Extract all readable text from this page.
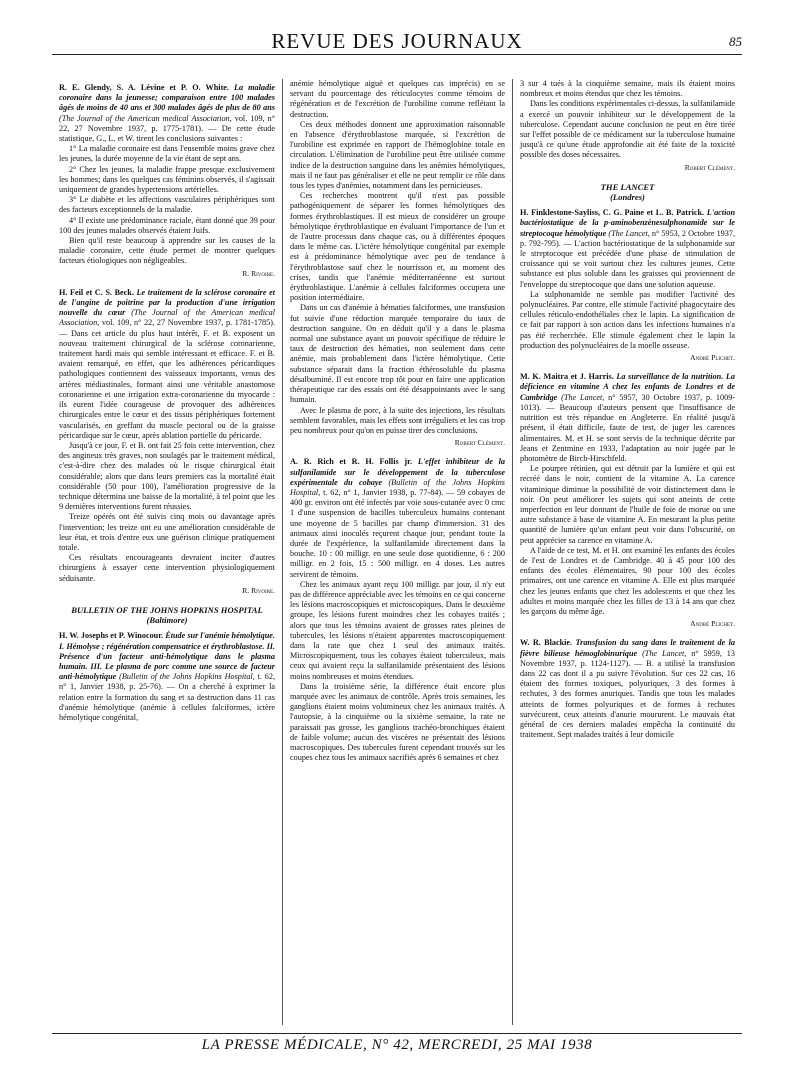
REVUE DES JOURNAUX	85

R. E. Glendy, S. A. Lévine et P. O. White. La maladie coronaire dans la jeunesse; comparaison entre 100 malades âgés de moins de 40 ans et 300 malades âgés de plus de 80 ans (The Journal of the American medical Association, vol. 109, n° 22, 27 Novembre 1937, p. 1775-1781). — De cette étude statistique, G., L. et W. tirent les conclusions suivantes :

1° La maladie coronaire est dans l'ensemble moins grave chez les jeunes, la durée moyenne de la vie étant de sept ans.

2° Chez les jeunes, la maladie frappe presque exclusivement les hommes; dans les quelques cas féminins observés, il s'agissait uniquement de grandes hypertensions artérielles.

3° Le diabète et les affections vasculaires périphériques sont des facteurs exceptionnels de la maladie.

4° Il existe une prédominance raciale, étant donné que 39 pour 100 des jeunes malades observés étaient Juifs.

Bien qu'il reste beaucoup à apprendre sur les causes de la maladie coronaire, cette étude permet de montrer quelques facteurs étiologiques non négligeables.

R. Rivoire.

H. Feil et C. S. Beck. Le traitement de la sclérose coronaire et de l'angine de poitrine par la production d'une irrigation nouvelle du cœur (The Journal of the American medical Association, vol. 109, n° 22, 27 Novembre 1937, p. 1781-1785). — Dans cet article du plus haut intérêt, F. et B. exposent un nouveau traitement chirurgical de la sclérose coronarienne, traitement hardi mais qui semble intéressant et efficace. F. et B. avaient remarqué, en effet, que les adhérences péricardiques pathologiques contiennent des vaisseaux importants, venus des artères médiastinales, formant ainsi une véritable anastomose coronarienne et une irrigation extra-coronarienne du myocarde : ils eurent l'idée courageuse de provoquer des adhérences chirurgicales entre le cœur et des tissus périphériques fortement vascularisés, en greffant du muscle pectoral ou de la graisse péricardique sur le cœur, après ablation partielle du péricarde.

Jusqu'à ce jour, F. et B. ont fait 25 fois cette intervention, chez des angineux très graves, non soulagés par le traitement médical, c'est-à-dire chez des malades où le risque chirurgical était considérable; alors que dans leurs premiers cas la mortalité était considérable (50 pour 100), l'amélioration progressive de la technique détermina une baisse de la mortalité, à tel point que les 9 dernières interventions furent réussies.

Treize opérés ont été suivis cinq mois ou davantage après l'intervention; les treize ont eu une amélioration considérable de leur état, et trois d'entre eux une guérison clinique pratiquement totale.

Ces résultats encourageants devraient inciter d'autres chirurgiens à essayer cette intervention physiologiquement séduisante.

R. Rivoire.

BULLETIN OF THE JOHNS HOPKINS HOSPITAL

(Baltimore)

H. W. Josephs et P. Winocour. Étude sur l'anémie hémolytique. I. Hémolyse ; régénération compensatrice et érythroblastose. II. Présence d'un facteur anti-hémolytique dans le plasma humain. III. Le plasma de porc comme une source de facteur anti-hémolytique (Bulletin of the Johns Hopkins Hospital, t. 62, n° 1, Janvier 1938, p. 25-76). — On a cherché à exprimer la relation entre la formation du sang et sa destruction dans 11 cas d'anémie hémolytique (anémie à cellules falciformes, ictère hémolytique congénital,

anémie hémolytique aiguë et quelques cas imprécis) en se servant du pourcentage des réticulocytes comme témoins de régénération et de l'excrétion de l'urobiline comme reflétant la destruction.

Ces deux méthodes donnent une approximation raisonnable en l'absence d'érythroblastose marquée, si l'excrétion de l'urobiline est exprimée en rapport de l'hémoglobine totale en circulation. L'élimination de l'urobiline peut être utilisée comme indice de la destruction sanguine dans les anémies hémolytiques, mais il ne faut pas généraliser et elle ne peut remplir ce rôle dans tous les types d'anémies, notamment dans les pernicieuses.

Ces recherches montrent qu'il n'est pas possible pathogéniquement de séparer les formes hémolytiques des formes érythroblastiques. Il est mieux de considérer un groupe hémolytique érythroblastique en évaluant l'importance de l'un et de l'autre processus dans chaque cas, ou à différentes époques dans le même cas. L'ictère hémolytique congénital par exemple est à prédominance hémolytique avec peu de tendance à l'érythroblastose sauf chez le nourrisson et, au moment des crises, tandis que l'anémie méditerranéenne est surtout érythroblastique. L'anémie à cellules falciformes occupera une position intermédiaire.

Dans un cas d'anémie à hématies falciformes, une transfusion fut suivie d'une réduction marquée temporaire du taux de destruction sanguine. On en déduit qu'il y a dans le plasma normal une substance ayant un pouvoir spécifique de réduire le taux de destruction des hématies, non seulement dans cette anémie, mais probablement dans l'ictère hémolytique. Cette substance séparait dans la fraction éthérosoluble du plasma désalbuminé. Il est encore trop tôt pour en faire une application thérapeutique car des essais ont été désappointants avec le sang humain.

Avec le plasma de porc, à la suite des injections, les résultats semblent favorables, mais les effets sont irréguliers et les cas trop peu nombreux pour qu'on en puisse tirer des conclusions.

Robert Clément.

A. R. Rich et R. H. Follis jr. L'effet inhibiteur de la sulfanilamide sur le développement de la tuberculose expérimentale du cobaye (Bulletin of the Johns Hopkins Hospital, t. 62, n° 1, Janvier 1938, p. 77-84). — 59 cobayes de 400 gr. environ ont été infectés par voie sous-cutanée avec 0 cmc 1 d'une suspension de bacilles tuberculeux humains contenant une moyenne de 5 bacilles par champ d'immersion. 31 des animaux ainsi inoculés reçurent chaque jour, pendant toute la durée de l'expérience, la sulfanilamide directement dans la bouche. 10 : 00 milligr. en une seule dose quotidienne, 6 : 200 milligr. en 2 fois, 15 : 500 milligr. en 4 doses. Les autres servirent de témoins.

Chez les animaux ayant reçu 100 milligr. par jour, il n'y eut pas de différence appréciable avec les témoins en ce qui concerne les lésions macroscopiques et microscopiques. Dans le deuxième groupe, les lésions furent moindres chez les cobayes traités ; alors que tous les témoins avaient de grosses rates pleines de tubercules, les lésions n'étaient apparentes macroscopiquement dans la rate que chez 1 seul des animaux traités. Microscopiquement, tous les cobayes étaient tuberculeux, mais ceux qui avaient reçu la sulfanilamide présentaient des lésions moins nombreuses et moins étendues.

Dans la troisième série, la différence était encore plus marquée avec les animaux de contrôle. Après trois semaines, les ganglions étaient moins volumineux chez les animaux traités. A l'autopsie, à la cinquième ou la sixième semaine, la rate ne paraissait pas grosse, les ganglions trachéo-bronchiques étaient de faible volume; aucun des viscères ne présentait des lésions macroscopiques. Des tubercules furent cependant trouvés sur les coupes chez tous les animaux sacrifiés après 6 semaines et chez

3 sur 4 tués à la cinquième semaine, mais ils étaient moins nombreux et moins étendus que chez les témoins.

Dans les conditions expérimentales ci-dessus, la sulfanilamide a exercé un pouvoir inhibiteur sur le développement de la tuberculose. Cependant aucune conclusion ne peut en être tirée sur l'effet possible de ce médicament sur la tuberculose humaine jusqu'à ce qu'une étude approfondie ait été faite de la toxicité possible des doses nécessaires.

Robert Clément.

THE LANCET

(Londres)

H. Finklestone-Sayliss, C. G. Paine et L. B. Patrick. L'action bactériostatique de la p-aminobenzènesulphonamide sur le streptocoque hémolytique (The Lancet, n° 5953, 2 Octobre 1937, p. 792-795). — L'action bactériostatique de la sulphonamide sur le streptocoque est précédée d'une phase de stimulation de croissance qui se voit surtout chez les cultures jeunes. Cette substance est plus soluble dans les graisses qui proviennent de l'enveloppe du streptocoque que dans une solution aqueuse.

La sulphonamide ne semble pas modifier l'activité des polynucléaires. Par contre, elle stimule l'activité phagocytaire des cellules réticulo-endothéliales chez le lapin. La signification de ce fait par rapport à son action dans les infections humaines n'a pas été recherchée. Elle stimule également chez le lapin la production des polynucléaires de la moelle osseuse.

André Plichet.

M. K. Maitra et J. Harris. La surveillance de la nutrition. La déficience en vitamine A chez les enfants de Londres et de Cambridge (The Lancet, n° 5957, 30 Octobre 1937, p. 1009-1013). — Beaucoup d'auteurs pensent que l'insuffisance de nutrition est très répandue en Angleterre. En réalité jusqu'à présent, il était difficile, faute de test, de juger les carences alimentaires. M. et H. se sont servis de la technique décrite par Jeans et Zentmine en 1933, l'adaptation au noir jugée par le photomètre de Birch-Hirschfeld.

Le pourpre rétinien, qui est détruit par la lumière et qui est recréé dans le noir, contient de la vitamine A. La carence vitaminique diminue la possibilité de voir distinctement dans le noir. On peut améliorer les sujets qui sont atteints de cette imperfection en leur donnant de l'huile de foie de morue ou une autre substance à base de vitamine A. En mesurant la plus petite quantité de lumière qu'un enfant peut voir dans l'obscurité, on peut apprécier sa carence en vitamine A.

A l'aide de ce test, M. et H. ont examiné les enfants des écoles de l'est de Londres et de Cambridge. 40 à 45 pour 100 des enfants des écoles élémentaires, 90 pour 100 des écoles primaires, ont une carence en vitamine A. Elle est plus marquée chez les jeunes enfants que chez les adolescents et que chez les adultes et moins marquée chez les filles de 13 à 14 ans que chez les garçons du même âge.

André Plichet.

W. R. Blackie. Transfusion du sang dans le traitement de la fièvre bilieuse hémoglobinurique (The Lancet, n° 5959, 13 Novembre 1937, p. 1124-1127). — B. a utilisé la transfusion dans 22 cas dont il a pu suivre l'évolution. Sur ces 22 cas, 16 étaient des formes toxiques, polyuriques, 3 des formes à rechutes, 3 des formes anuriques. Tandis que tous les malades atteints de formes polyuriques et de formes à rechutes survécurent, ceux atteints d'anurie moururent. Le mauvais état général de ces derniers malades empêcha la continuité du traitement. Sept malades traités à leur domicile

LA PRESSE MÉDICALE, N° 42, MERCREDI, 25 MAI 1938
